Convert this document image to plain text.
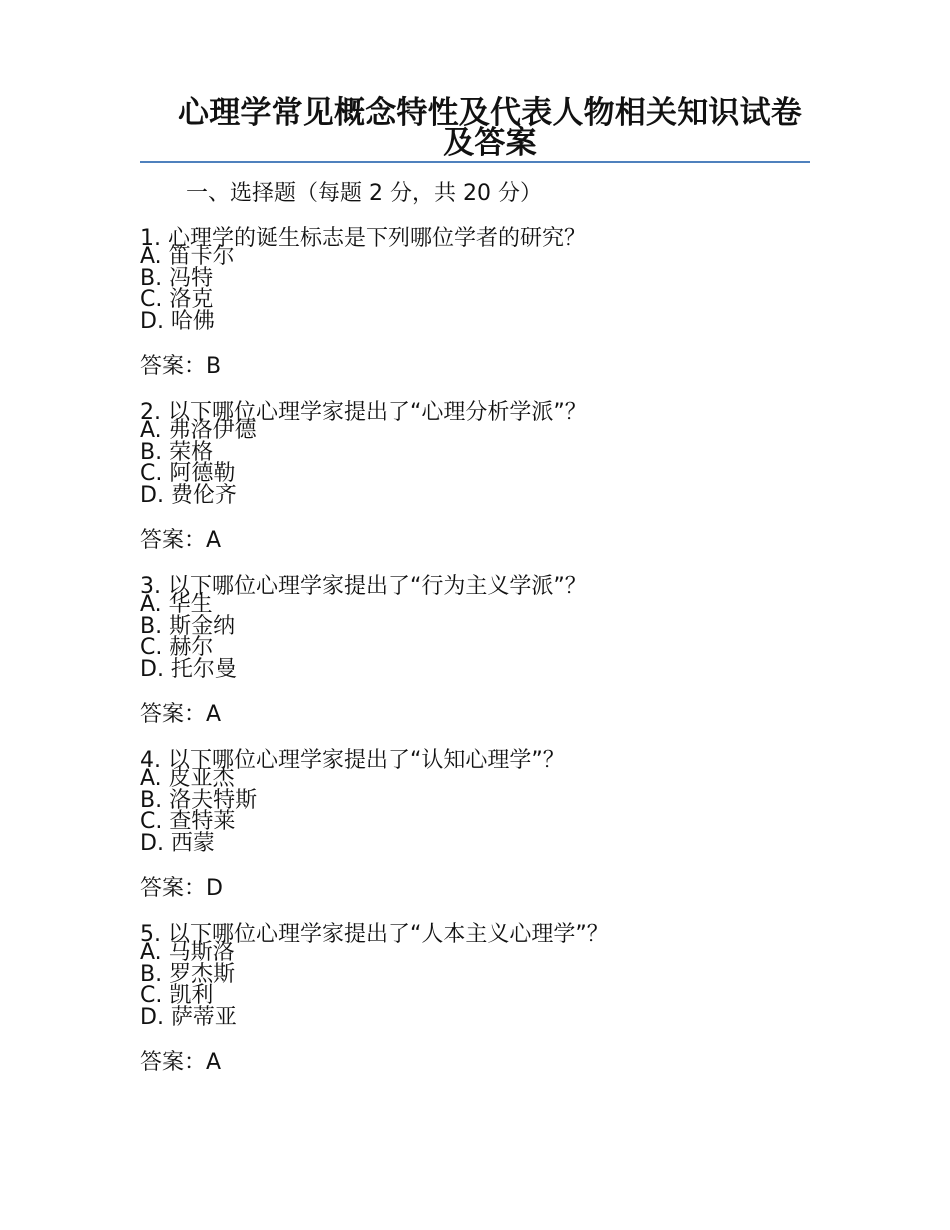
心理学常见概念特性及代表人物相关知识试卷及答案
一、选择题（每题 2 分，共 20 分）
1. 心理学的诞生标志是下列哪位学者的研究？
A. 笛卡尔
B. 冯特
C. 洛克
D. 哈佛
答案：B
2. 以下哪位心理学家提出了“心理分析学派”？
A. 弗洛伊德
B. 荣格
C. 阿德勒
D. 费伦齐
答案：A
3. 以下哪位心理学家提出了“行为主义学派”？
A. 华生
B. 斯金纳
C. 赫尔
D. 托尔曼
答案：A
4. 以下哪位心理学家提出了“认知心理学”？
A. 皮亚杰
B. 洛夫特斯
C. 查特莱
D. 西蒙
答案：D
5. 以下哪位心理学家提出了“人本主义心理学”？
A. 马斯洛
B. 罗杰斯
C. 凯利
D. 萨蒂亚
答案：A
